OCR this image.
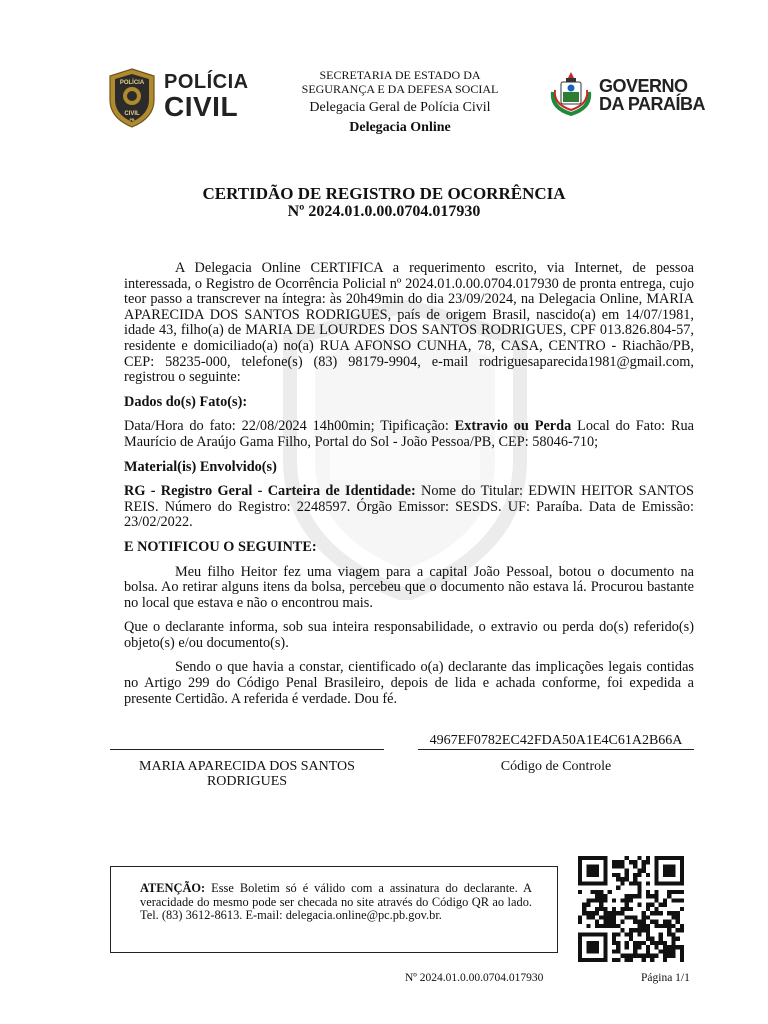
POLÍCIA
CIVIL
PB
POLÍCIA
CIVIL
SECRETARIA DE ESTADO DA
SEGURANÇA E DA DEFESA SOCIAL
Delegacia Geral de Polícia Civil
Delegacia Online
GOVERNO
DA PARAÍBA
CERTIDÃO DE REGISTRO DE OCORRÊNCIA
Nº 2024.01.0.00.0704.017930

A Delegacia Online CERTIFICA a requerimento escrito, via Internet, de pessoa interessada, o Registro de Ocorrência Policial nº 2024.01.0.00.0704.017930 de pronta entrega, cujo teor passo a transcrever na íntegra: às 20h49min do dia 23/09/2024, na Delegacia Online, MARIA APARECIDA DOS SANTOS RODRIGUES, país de origem Brasil, nascido(a) em 14/07/1981, idade 43, filho(a) de MARIA DE LOURDES DOS SANTOS RODRIGUES, CPF 013.826.804-57, residente e domiciliado(a) no(a) RUA AFONSO CUNHA, 78, CASA, CENTRO - Riachão/PB, CEP: 58235-000, telefone(s) (83) 98179-9904, e-mail rodriguesaparecida1981@gmail.com, registrou o seguinte:

Dados do(s) Fato(s):

Data/Hora do fato: 22/08/2024 14h00min; Tipificação: Extravio ou Perda Local do Fato: Rua Maurício de Araújo Gama Filho, Portal do Sol - João Pessoa/PB, CEP: 58046-710;

Material(is) Envolvido(s)

RG - Registro Geral - Carteira de Identidade: Nome do Titular: EDWIN HEITOR SANTOS REIS. Número do Registro: 2248597. Órgão Emissor: SESDS. UF: Paraíba. Data de Emissão: 23/02/2022.

E NOTIFICOU O SEGUINTE:

Meu filho Heitor fez uma viagem para a capital João Pessoal, botou o documento na bolsa. Ao retirar alguns itens da bolsa, percebeu que o documento não estava lá. Procurou bastante no local que estava e não o encontrou mais.

Que o declarante informa, sob sua inteira responsabilidade, o extravio ou perda do(s) referido(s) objeto(s) e/ou documento(s).

Sendo o que havia a constar, cientificado o(a) declarante das implicações legais contidas no Artigo 299 do Código Penal Brasileiro, depois de lida e achada conforme, foi expedida a presente Certidão. A referida é verdade. Dou fé.

4967EF0782EC42FDA50A1E4C61A2B66A
MARIA APARECIDA DOS SANTOS RODRIGUES
Código de Controle
ATENÇÃO: Esse Boletim só é válido com a assinatura do declarante. A veracidade do mesmo pode ser checada no site através do Código QR ao lado. Tel. (83) 3612-8613. E-mail: delegacia.online@pc.pb.gov.br.
Nº 2024.01.0.00.0704.017930	Página 1/1
